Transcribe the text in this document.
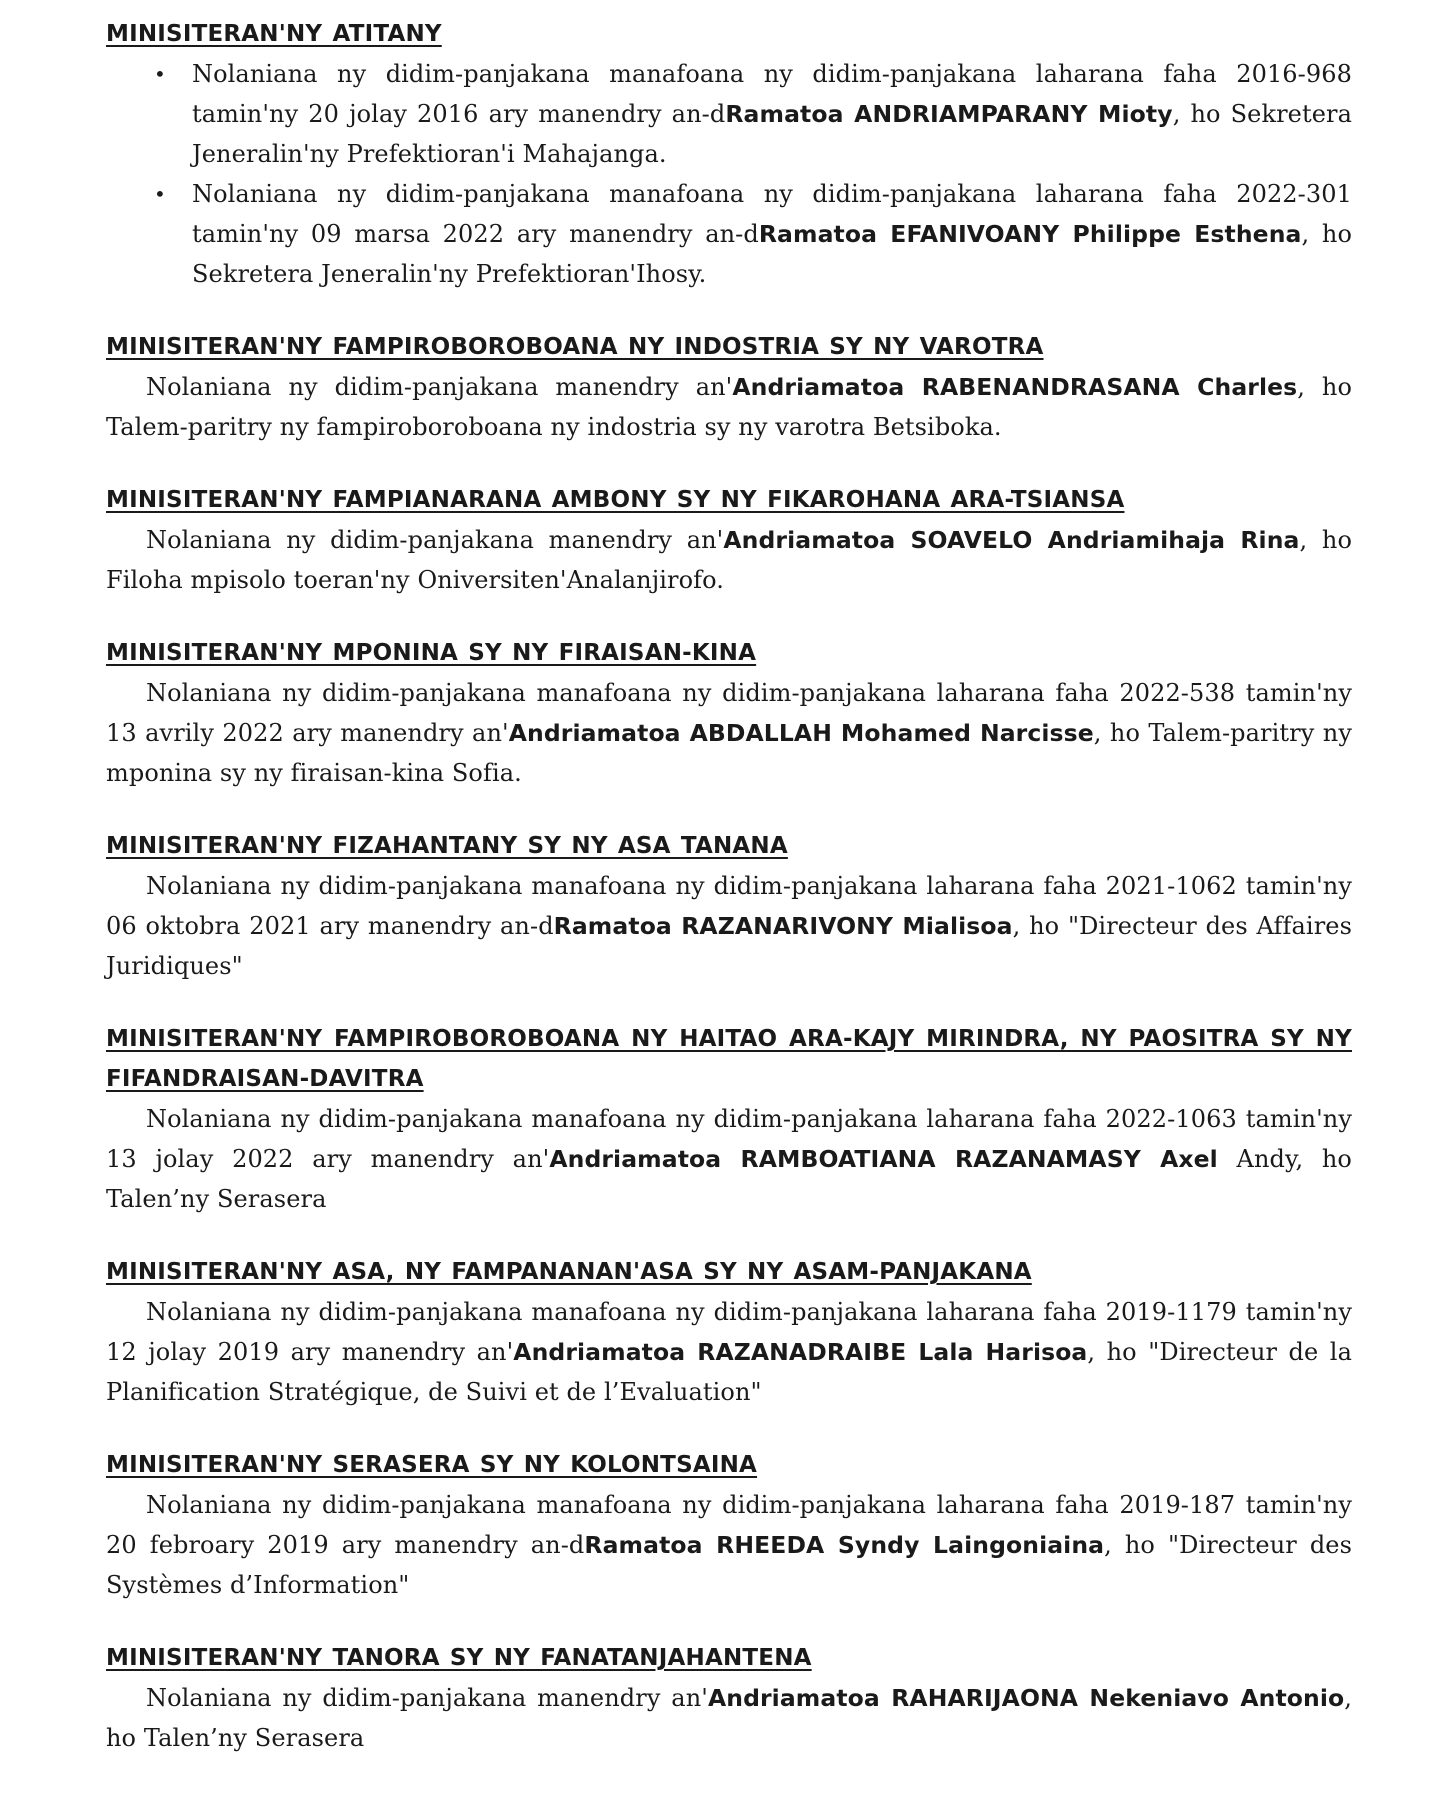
MINISITERAN'NY ATITANY
• Nolaniana ny didim-panjakana manafoana ny didim-panjakana laharana faha 2016-968 tamin'ny 20 jolay 2016 ary manendry an-dRamatoa ANDRIAMPARANY Mioty, ho Sekretera Jeneralin'ny Prefektioran'i Mahajanga.
• Nolaniana ny didim-panjakana manafoana ny didim-panjakana laharana faha 2022-301 tamin'ny 09 marsa 2022 ary manendry an-dRamatoa EFANIVOANY Philippe Esthena, ho Sekretera Jeneralin'ny Prefektioran'Ihosy.
MINISITERAN'NY FAMPIROBOROBOANA NY INDOSTRIA SY NY VAROTRA

Nolaniana ny didim-panjakana manendry an'Andriamatoa RABENANDRASANA Charles, ho Talem-paritry ny fampiroboroboana ny indostria sy ny varotra Betsiboka.

MINISITERAN'NY FAMPIANARANA AMBONY SY NY FIKAROHANA ARA-TSIANSA

Nolaniana ny didim-panjakana manendry an'Andriamatoa SOAVELO Andriamihaja Rina, ho Filoha mpisolo toeran'ny Oniversiten'Analanjirofo.

MINISITERAN'NY MPONINA SY NY FIRAISAN-KINA

Nolaniana ny didim-panjakana manafoana ny didim-panjakana laharana faha 2022-538 tamin'ny 13 avrily 2022 ary manendry an'Andriamatoa ABDALLAH Mohamed Narcisse, ho Talem-paritry ny mponina sy ny firaisan-kina Sofia.

MINISITERAN'NY FIZAHANTANY SY NY ASA TANANA

Nolaniana ny didim-panjakana manafoana ny didim-panjakana laharana faha 2021-1062 tamin'ny 06 oktobra 2021 ary manendry an-dRamatoa RAZANARIVONY Mialisoa, ho "Directeur des Affaires Juridiques"

MINISITERAN'NY FAMPIROBOROBOANA NY HAITAO ARA-KAJY MIRINDRA, NY PAOSITRA SY NY FIFANDRAISAN-DAVITRA

Nolaniana ny didim-panjakana manafoana ny didim-panjakana laharana faha 2022-1063 tamin'ny 13 jolay 2022 ary manendry an'Andriamatoa RAMBOATIANA RAZANAMASY Axel Andy, ho Talen’ny Serasera

MINISITERAN'NY ASA, NY FAMPANANAN'ASA SY NY ASAM-PANJAKANA

Nolaniana ny didim-panjakana manafoana ny didim-panjakana laharana faha 2019-1179 tamin'ny 12 jolay 2019 ary manendry an'Andriamatoa RAZANADRAIBE Lala Harisoa, ho "Directeur de la Planification Stratégique, de Suivi et de l’Evaluation"

MINISITERAN'NY SERASERA SY NY KOLONTSAINA

Nolaniana ny didim-panjakana manafoana ny didim-panjakana laharana faha 2019-187 tamin'ny 20 febroary 2019 ary manendry an-dRamatoa RHEEDA Syndy Laingoniaina, ho "Directeur des Systèmes d’Information"

MINISITERAN'NY TANORA SY NY FANATANJAHANTENA

Nolaniana ny didim-panjakana manendry an'Andriamatoa RAHARIJAONA Nekeniavo Antonio, ho Talen’ny Serasera
